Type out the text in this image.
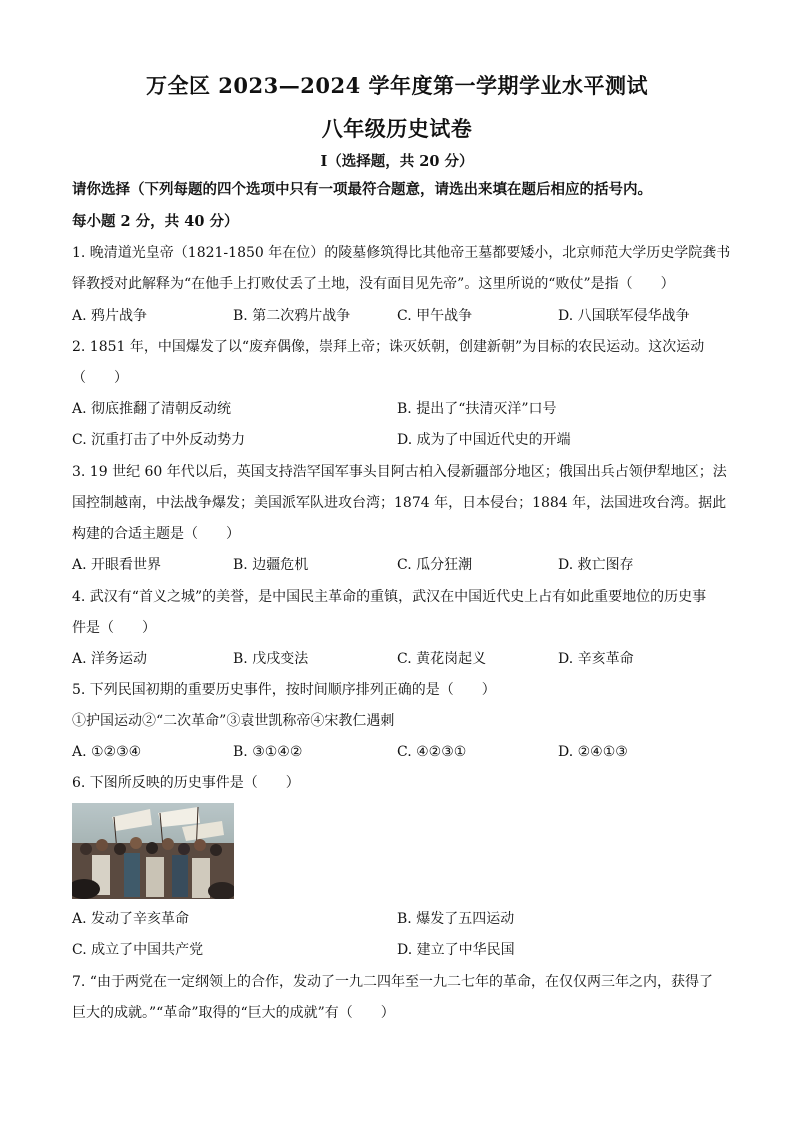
万全区 2023—2024 学年度第一学期学业水平测试
八年级历史试卷
Ⅰ（选择题，共 20 分）
请你选择（下列每题的四个选项中只有一项最符合题意，请选出来填在题后相应的括号内。
每小题 2 分，共 40 分）
1. 晚清道光皇帝（1821-1850 年在位）的陵墓修筑得比其他帝王墓都要矮小，北京师范大学历史学院龚书
铎教授对此解释为“在他手上打败仗丢了土地，没有面目见先帝”。这里所说的“败仗”是指（　　）
A. 鸦片战争	B. 第二次鸦片战争	C. 甲午战争	D. 八国联军侵华战争
2. 1851 年，中国爆发了以“废弃偶像，崇拜上帝；诛灭妖朝，创建新朝”为目标的农民运动。这次运动
（　　）
A. 彻底推翻了清朝反动统	B. 提出了“扶清灭洋”口号
C. 沉重打击了中外反动势力	D. 成为了中国近代史的开端
3. 19 世纪 60 年代以后，英国支持浩罕国军事头目阿古柏入侵新疆部分地区；俄国出兵占领伊犁地区；法
国控制越南，中法战争爆发；美国派军队进攻台湾；1874 年，日本侵台；1884 年，法国进攻台湾。据此
构建的合适主题是（　　）
A. 开眼看世界	B. 边疆危机	C. 瓜分狂潮	D. 救亡图存
4. 武汉有“首义之城”的美誉，是中国民主革命的重镇，武汉在中国近代史上占有如此重要地位的历史事
件是（　　）
A. 洋务运动	B. 戊戌变法	C. 黄花岗起义	D. 辛亥革命
5. 下列民国初期的重要历史事件，按时间顺序排列正确的是（　　）
①护国运动②“二次革命”③袁世凯称帝④宋教仁遇刺
A. ①②③④	B. ③①④②	C. ④②③①	D. ②④①③
6. 下图所反映的历史事件是（　　）
A. 发动了辛亥革命	B. 爆发了五四运动
C. 成立了中国共产党	D. 建立了中华民国
7. “由于两党在一定纲领上的合作，发动了一九二四年至一九二七年的革命，在仅仅两三年之内，获得了
巨大的成就。”“革命”取得的“巨大的成就”有（　　）
